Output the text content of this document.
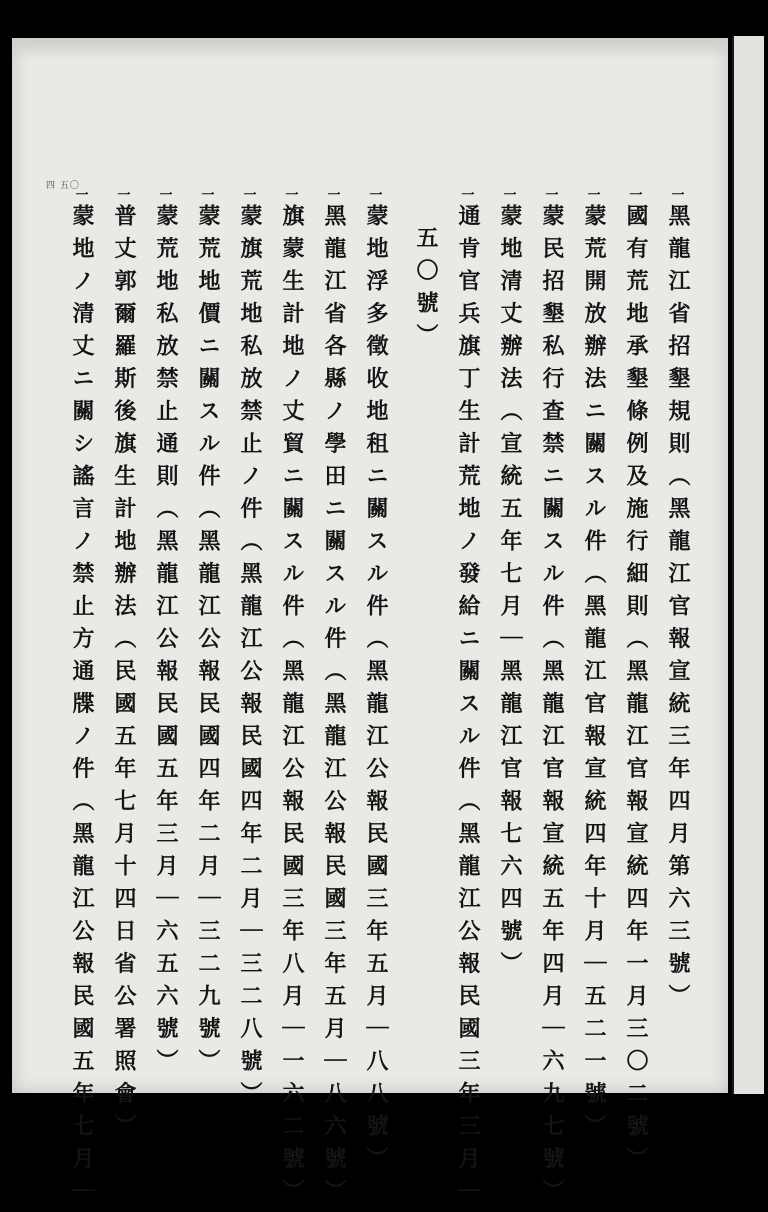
四 五〇
一
黑龍江省招墾規則（黑龍江官報宣統三年四月第六三號）
一
國有荒地承墾條例及施行細則（黑龍江官報宣統四年一月三〇二號）
一
蒙荒開放辦法ニ關スル件（黑龍江官報宣統四年十月｜五二一號）
一
蒙民招墾私行查禁ニ關スル件（黑龍江官報宣統五年四月｜六九七號）
一
蒙地清丈辦法（宣統五年七月｜黑龍江官報七六四號）
一
通肯官兵旗丁生計荒地ノ發給ニ關スル件（黑龍江公報民國三年三月｜
五〇號）
一
蒙地浮多徵收地租ニ關スル件（黑龍江公報民國三年五月｜八八號）
一
黑龍江省各縣ノ學田ニ關スル件（黑龍江公報民國三年五月｜八六號）
一
旗蒙生計地ノ丈貿ニ關スル件（黑龍江公報民國三年八月｜一六二號）
一
蒙旗荒地私放禁止ノ件（黑龍江公報民國四年二月｜三二八號）
一
蒙荒地價ニ關スル件（黑龍江公報民國四年二月｜三二九號）
一
蒙荒地私放禁止通則（黑龍江公報民國五年三月｜六五六號）
一
普丈郭爾羅斯後旗生計地辦法（民國五年七月十四日省公署照會）
一
蒙地ノ清丈ニ關シ謠言ノ禁止方通牒ノ件（黑龍江公報民國五年七月｜
